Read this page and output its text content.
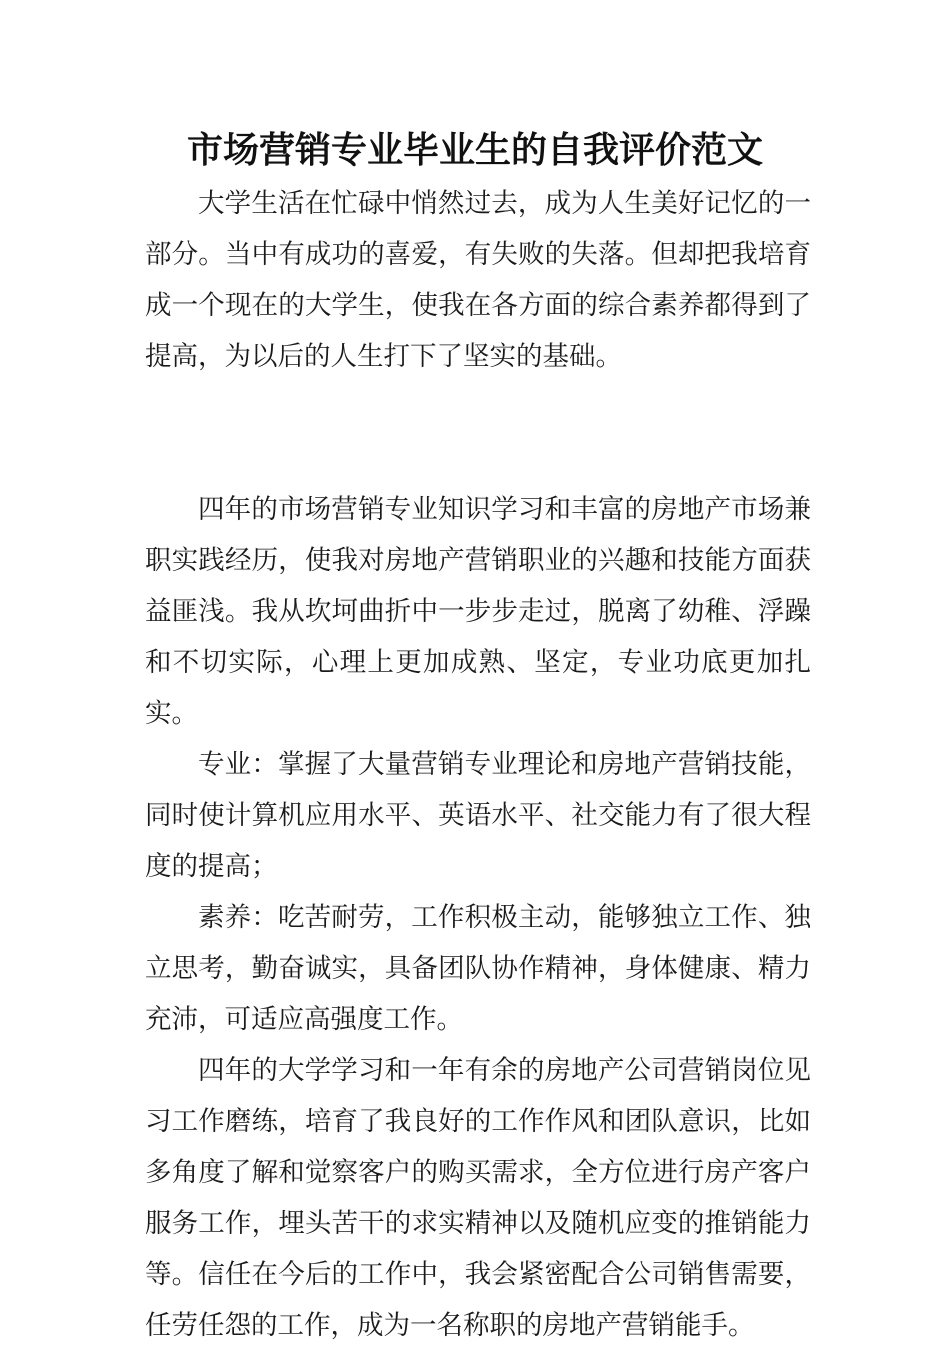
市场营销专业毕业生的自我评价范文

大学生活在忙碌中悄然过去，成为人生美好记忆的一部分。当中有成功的喜爱，有失败的失落。但却把我培育成一个现在的大学生，使我在各方面的综合素养都得到了提高，为以后的人生打下了坚实的基础。

四年的市场营销专业知识学习和丰富的房地产市场兼职实践经历，使我对房地产营销职业的兴趣和技能方面获益匪浅。我从坎坷曲折中一步步走过，脱离了幼稚、浮躁和不切实际，心理上更加成熟、坚定，专业功底更加扎实。

专业：掌握了大量营销专业理论和房地产营销技能，同时使计算机应用水平、英语水平、社交能力有了很大程度的提高；

素养：吃苦耐劳，工作积极主动，能够独立工作、独立思考，勤奋诚实，具备团队协作精神，身体健康、精力充沛，可适应高强度工作。

四年的大学学习和一年有余的房地产公司营销岗位见习工作磨练，培育了我良好的工作作风和团队意识，比如多角度了解和觉察客户的购买需求，全方位进行房产客户服务工作，埋头苦干的求实精神以及随机应变的推销能力等。信任在今后的工作中，我会紧密配合公司销售需要，任劳任怨的工作，成为一名称职的房地产营销能手。
